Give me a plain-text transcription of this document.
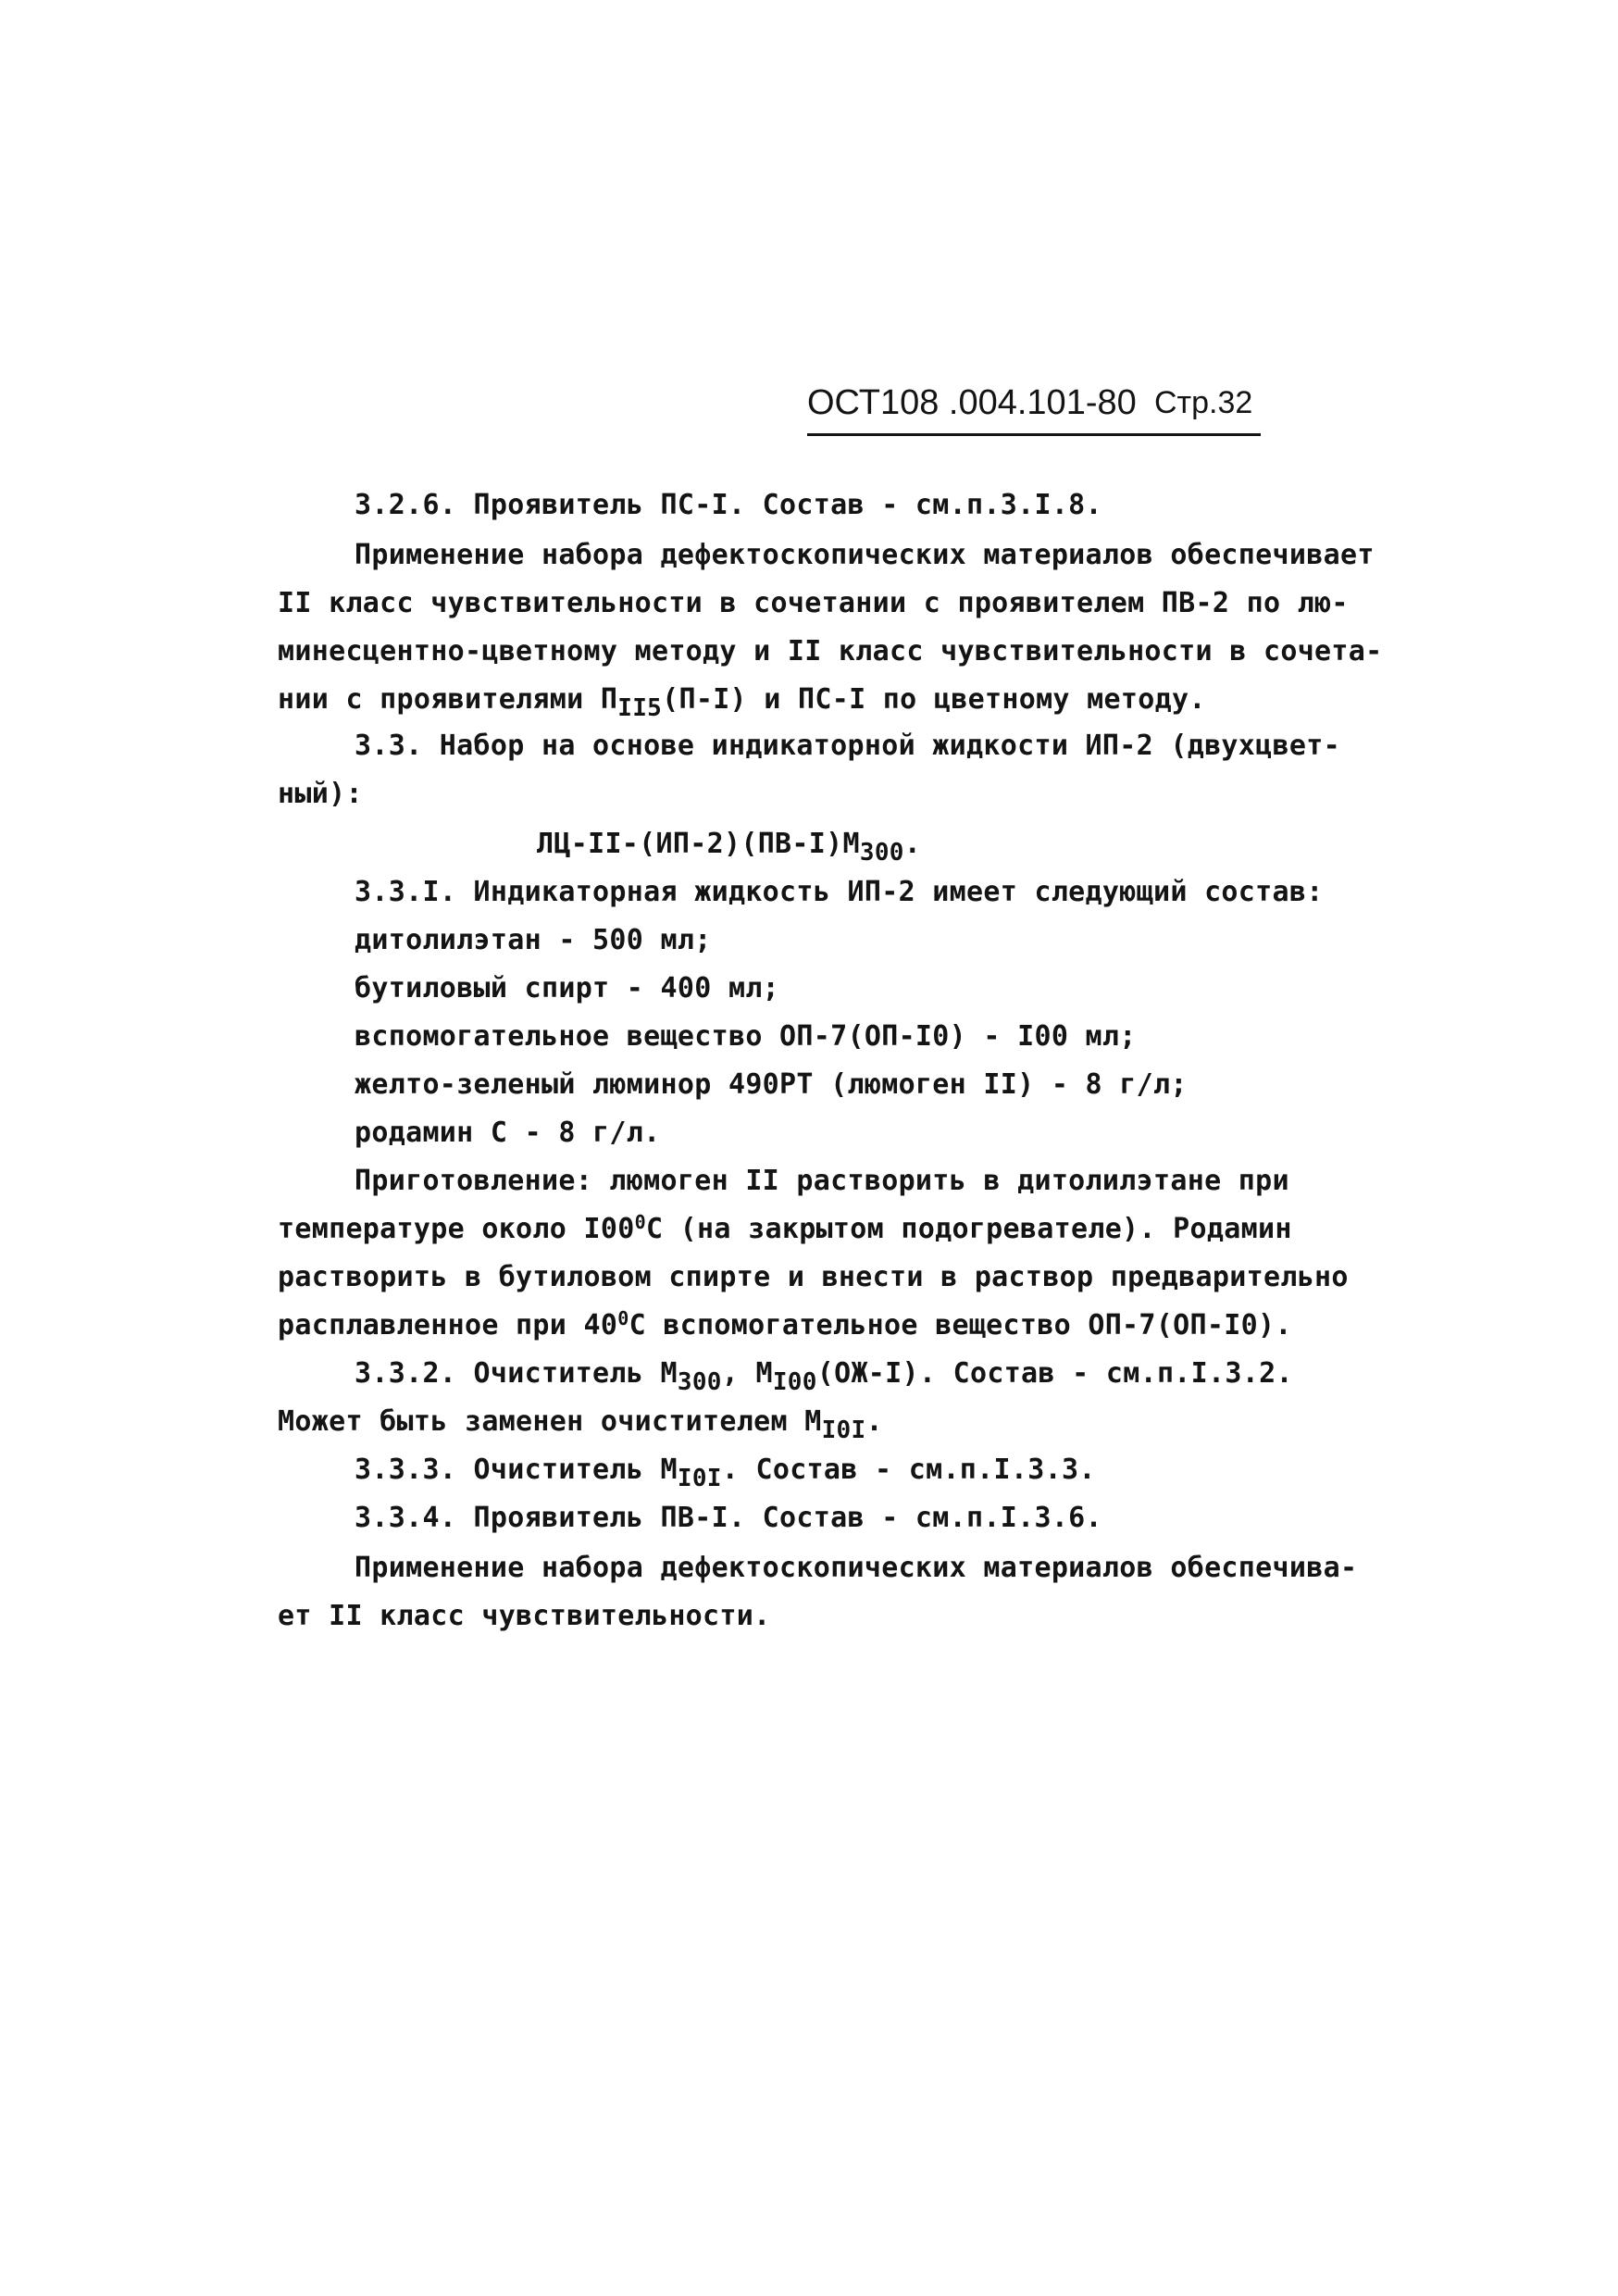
ОСТ108 .004.101-80 Стр.32
3.2.6. Проявитель ПС-I. Состав - см.п.3.I.8.
Применение набора дефектоскопических материалов обеспечивает
II класс чувствительности в сочетании с проявителем ПВ-2 по лю-
минесцентно-цветному методу и II класс чувствительности в сочета-
нии с проявителями $П_{II5}(П-I)$ и ПС-I по цветному методу.
3.3. Набор на основе индикаторной жидкости ИП-2 (двухцвет-
ный):
$ЛЦ-II-(ИП-2)(ПВ-I)М_{300}$.
3.3.I. Индикаторная жидкость ИП-2 имеет следующий состав:
дитолилэтан - 500 мл;
бутиловый спирт - 400 мл;
вспомогательное вещество ОП-7(ОП-I0) - I00 мл;
желто-зеленый люминор 490РТ (люмоген II) - 8 г/л;
родамин С - 8 г/л.
Приготовление: люмоген II растворить в дитолилэтане при
температуре около $I00^0С$ (на закрытом подогревателе). Родамин
растворить в бутиловом спирте и внести в раствор предварительно
расплавленное при $40^0С$ вспомогательное вещество ОП-7(ОП-I0).
3.3.2. Очиститель $М_{300}$, $М_{I00}(ОЖ-I)$. Состав - см.п.I.3.2.
Может быть заменен очистителем $М_{I0I}$.
3.3.3. Очиститель $М_{I0I}$. Состав - см.п.I.3.3.
3.3.4. Проявитель ПВ-I. Состав - см.п.I.3.6.
Применение набора дефектоскопических материалов обеспечива-
ет II класс чувствительности.
